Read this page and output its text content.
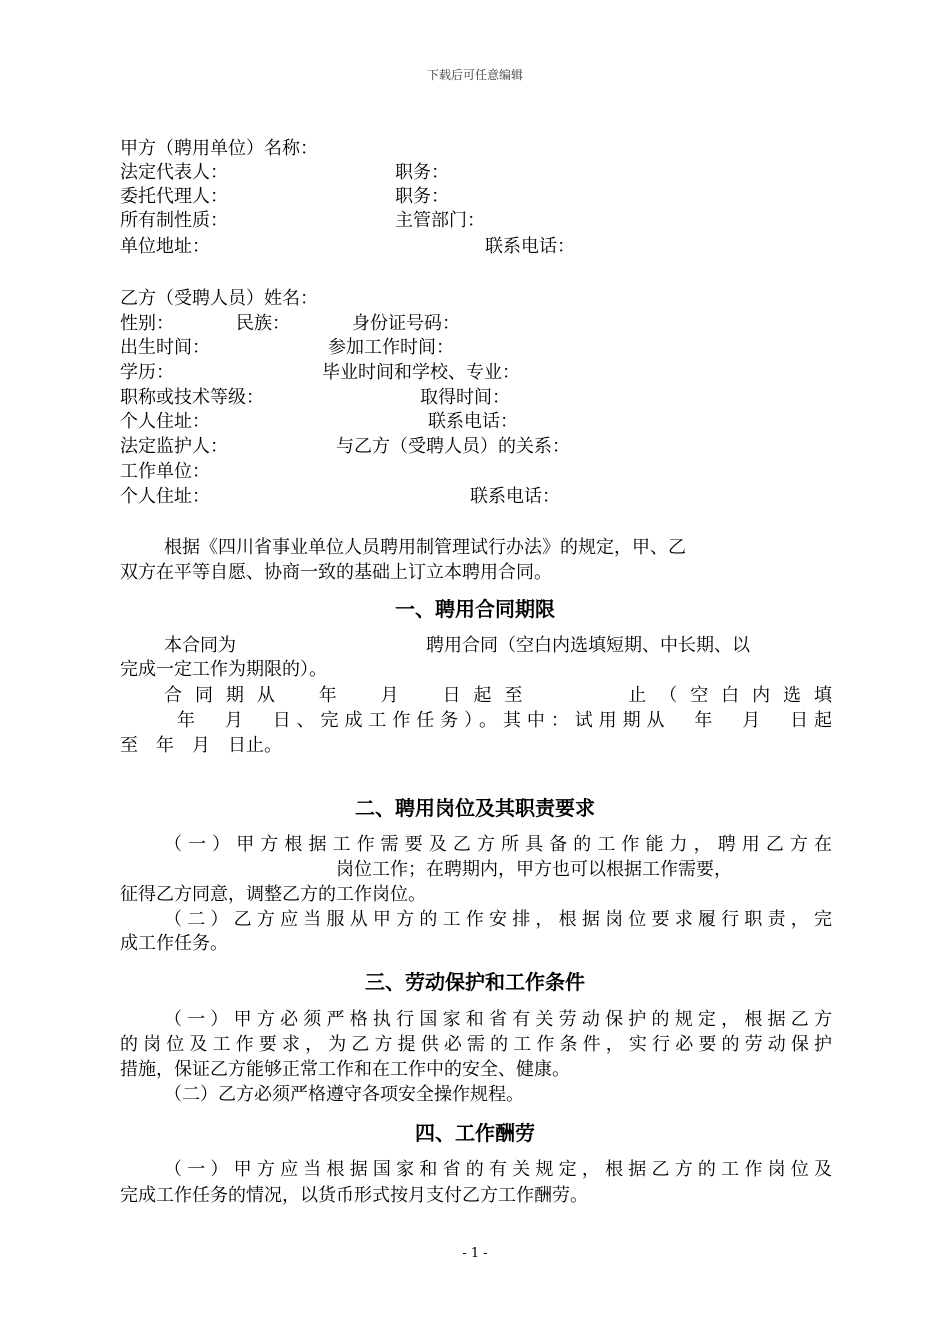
下载后可任意编辑
甲方（聘用单位）名称：
法定代表人：	职务：
委托代理人：	职务：
所有制性质：	主管部门：
单位地址：	联系电话：
乙方（受聘人员）姓名：
性别：	民族：	身份证号码：
出生时间：	参加工作时间：
学历：	毕业时间和学校、专业：
职称或技术等级：	取得时间：
个人住址：	联系电话：
法定监护人：	与乙方（受聘人员）的关系：
工作单位：
个人住址：	联系电话：
根据《四川省事业单位人员聘用制管理试行办法》的规定，甲、乙
双方在平等自愿、协商一致的基础上订立本聘用合同。
一、聘用合同期限
本合同为	聘用合同（空白内选填短期、中长期、以
完成一定工作为期限的）。
合同期从　年　月　日起至　　　止（空白内选填
年　月　日、完成工作任务）。其中：试用期从　年　月　日起
至　年　月　日止。
二、聘用岗位及其职责要求
（一）甲方根据工作需要及乙方所具备的工作能力，聘用乙方在
岗位工作；在聘期内，甲方也可以根据工作需要，
征得乙方同意，调整乙方的工作岗位。
（二）乙方应当服从甲方的工作安排，根据岗位要求履行职责，完
成工作任务。
三、劳动保护和工作条件
（一）甲方必须严格执行国家和省有关劳动保护的规定，根据乙方
的岗位及工作要求，为乙方提供必需的工作条件，实行必要的劳动保护
措施，保证乙方能够正常工作和在工作中的安全、健康。
（二）乙方必须严格遵守各项安全操作规程。
四、工作酬劳
（一）甲方应当根据国家和省的有关规定，根据乙方的工作岗位及
完成工作任务的情况，以货币形式按月支付乙方工作酬劳。
- 1 -
